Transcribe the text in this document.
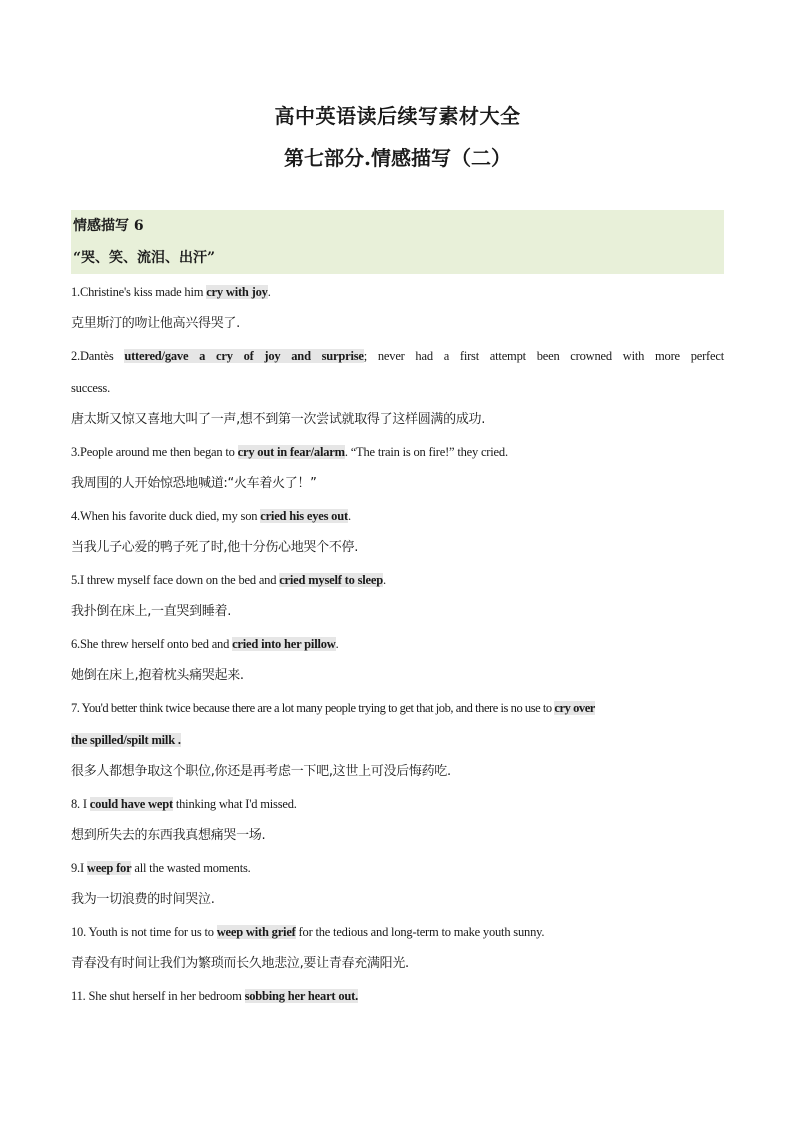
高中英语读后续写素材大全

第七部分.情感描写（二）

情感描写 6
“哭、笑、流泪、出汗”
1.Christine's kiss made him cry with joy.
克里斯汀的吻让他高兴得哭了.
2.Dantès uttered/gave a cry of joy and surprise; never had a first attempt been crowned with more perfect
success.
唐太斯又惊又喜地大叫了一声,想不到第一次尝试就取得了这样圆满的成功.
3.People around me then began to cry out in fear/alarm. “The train is on fire!” they cried.
我周围的人开始惊恐地喊道:“火车着火了！”
4.When his favorite duck died, my son cried his eyes out.
当我儿子心爱的鸭子死了时,他十分伤心地哭个不停.
5.I threw myself face down on the bed and cried myself to sleep.
我扑倒在床上,一直哭到睡着.
6.She threw herself onto bed and cried into her pillow.
她倒在床上,抱着枕头痛哭起来.
7. You'd better think twice because there are a lot many people trying to get that job, and there is no use to cry over
the spilled/spilt milk .
很多人都想争取这个职位,你还是再考虑一下吧,这世上可没后悔药吃.
8. I could have wept thinking what I'd missed.
想到所失去的东西我真想痛哭一场.
9.I weep for all the wasted moments.
我为一切浪费的时间哭泣.
10. Youth is not time for us to weep with grief for the tedious and long-term to make youth sunny.
青春没有时间让我们为繁琐而长久地悲泣,要让青春充满阳光.
11. She shut herself in her bedroom sobbing her heart out.
